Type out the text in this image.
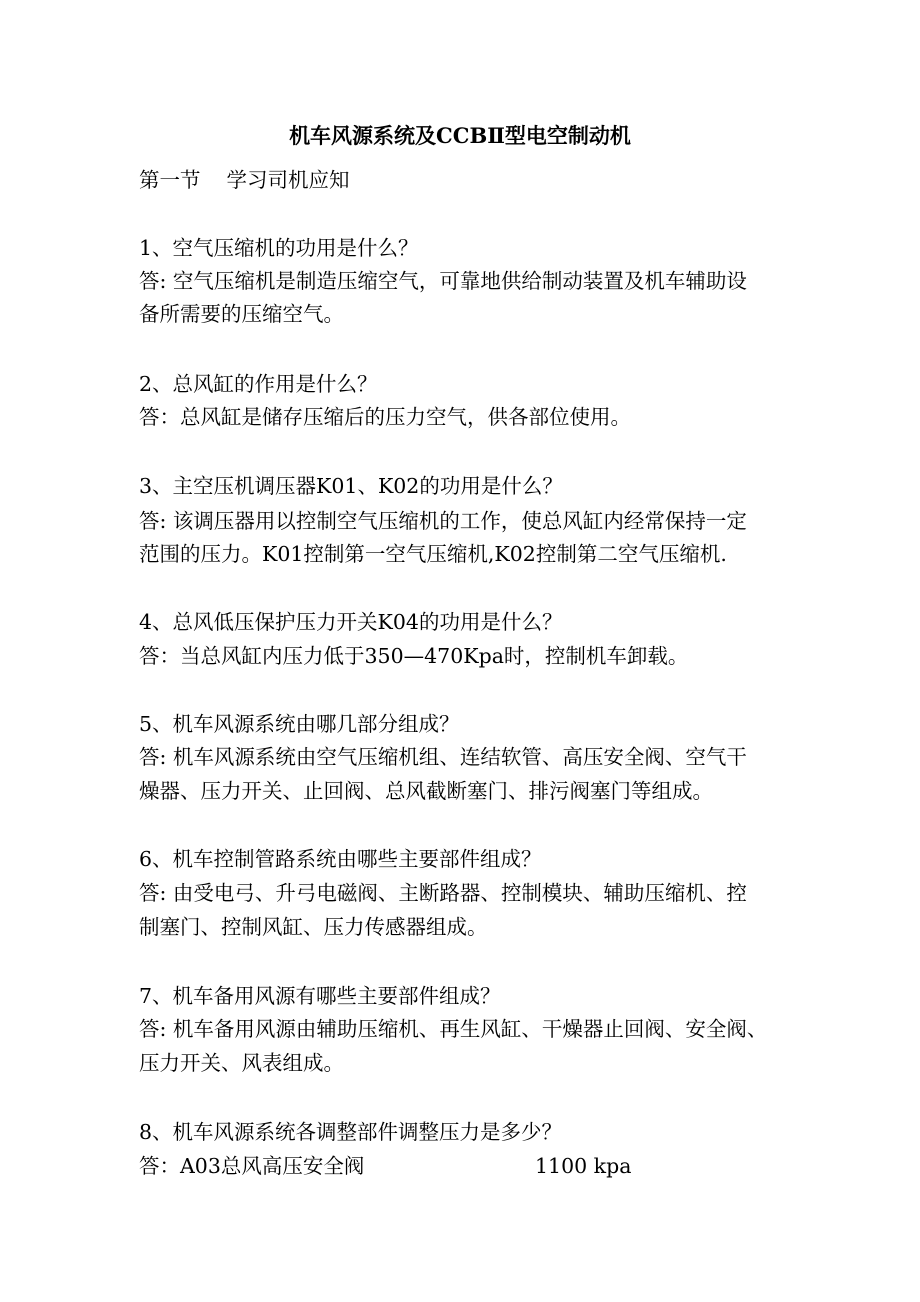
机车风源系统及CCBⅡ型电空制动机
第一节 学习司机应知
1、空气压缩机的功用是什么？
答: 空气压缩机是制造压缩空气，可靠地供给制动装置及机车辅助设
备所需要的压缩空气。
2、总风缸的作用是什么？
答：总风缸是储存压缩后的压力空气，供各部位使用。
3、主空压机调压器K01、K02的功用是什么？
答: 该调压器用以控制空气压缩机的工作，使总风缸内经常保持一定
范围的压力。K01控制第一空气压缩机,K02控制第二空气压缩机.
4、总风低压保护压力开关K04的功用是什么？
答：当总风缸内压力低于350—470Kpa时，控制机车卸载。
5、机车风源系统由哪几部分组成？
答: 机车风源系统由空气压缩机组、连结软管、高压安全阀、空气干
燥器、压力开关、止回阀、总风截断塞门、排污阀塞门等组成。
6、机车控制管路系统由哪些主要部件组成？
答: 由受电弓、升弓电磁阀、主断路器、控制模块、辅助压缩机、控
制塞门、控制风缸、压力传感器组成。
7、机车备用风源有哪些主要部件组成？
答: 机车备用风源由辅助压缩机、再生风缸、干燥器止回阀、安全阀、
压力开关、风表组成。
8、机车风源系统各调整部件调整压力是多少？
答：A03总风高压安全阀	1100 kpa
